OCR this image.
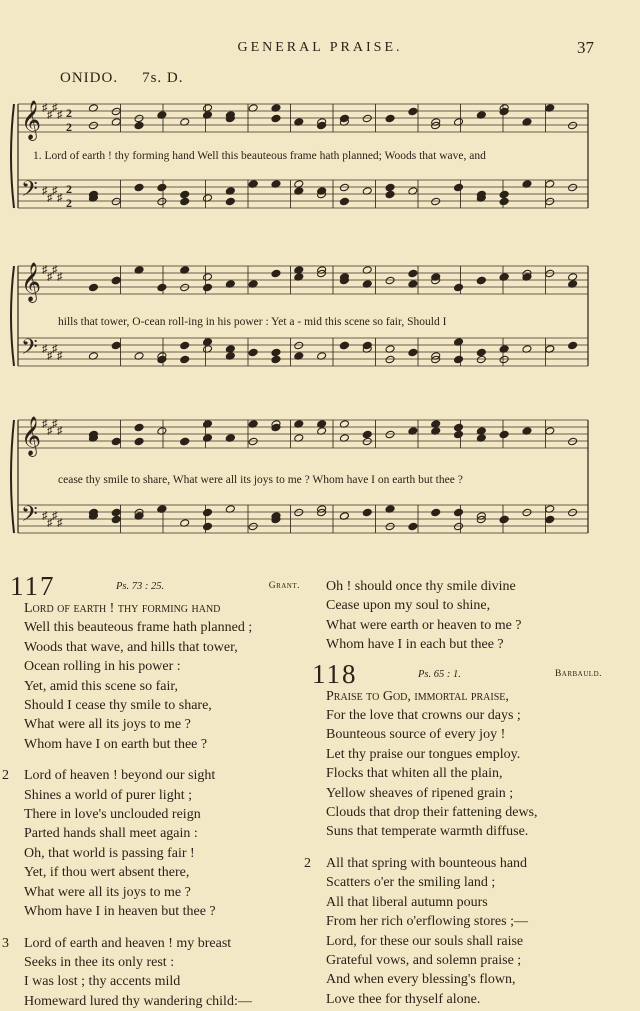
GENERAL PRAISE.	37
ONIDO. 7s. D.
𝄞
𝄢
♯
♯
♯
♯
♯
♯
♯
♯
2
2
2
2
𝄞
𝄢
♯
♯
♯
♯
♯
♯
♯
♯
𝄞
𝄢
♯
♯
♯
♯
♯
♯
♯
♯
1. Lord of earth ! thy forming hand Well this beauteous frame hath planned; Woods that wave, and
hills that tower, O-cean roll-ing in his power : Yet a - mid this scene so fair, Should I
cease thy smile to share, What were all its joys to me ? Whom have I on earth but thee ?
117	Ps. 73 : 25.	Grant.
Lord of earth ! thy forming hand
Well this beauteous frame hath planned ;
Woods that wave, and hills that tower,
Ocean rolling in his power :
Yet, amid this scene so fair,
Should I cease thy smile to share,
What were all its joys to me ?
Whom have I on earth but thee ?
2	Lord of heaven ! beyond our sight
Shines a world of purer light ;
There in love's unclouded reign
Parted hands shall meet again :
Oh, that world is passing fair !
Yet, if thou wert absent there,
What were all its joys to me ?
Whom have I in heaven but thee ?
3	Lord of earth and heaven ! my breast
Seeks in thee its only rest :
I was lost ; thy accents mild
Homeward lured thy wandering child:—
Oh ! should once thy smile divine
Cease upon my soul to shine,
What were earth or heaven to me ?
Whom have I in each but thee ?
118	Ps. 65 : 1.	Barbauld.
Praise to God, immortal praise,
For the love that crowns our days ;
Bounteous source of every joy !
Let thy praise our tongues employ.
Flocks that whiten all the plain,
Yellow sheaves of ripened grain ;
Clouds that drop their fattening dews,
Suns that temperate warmth diffuse.
2	All that spring with bounteous hand
Scatters o'er the smiling land ;
All that liberal autumn pours
From her rich o'erflowing stores ;—
Lord, for these our souls shall raise
Grateful vows, and solemn praise ;
And when every blessing's flown,
Love thee for thyself alone.
